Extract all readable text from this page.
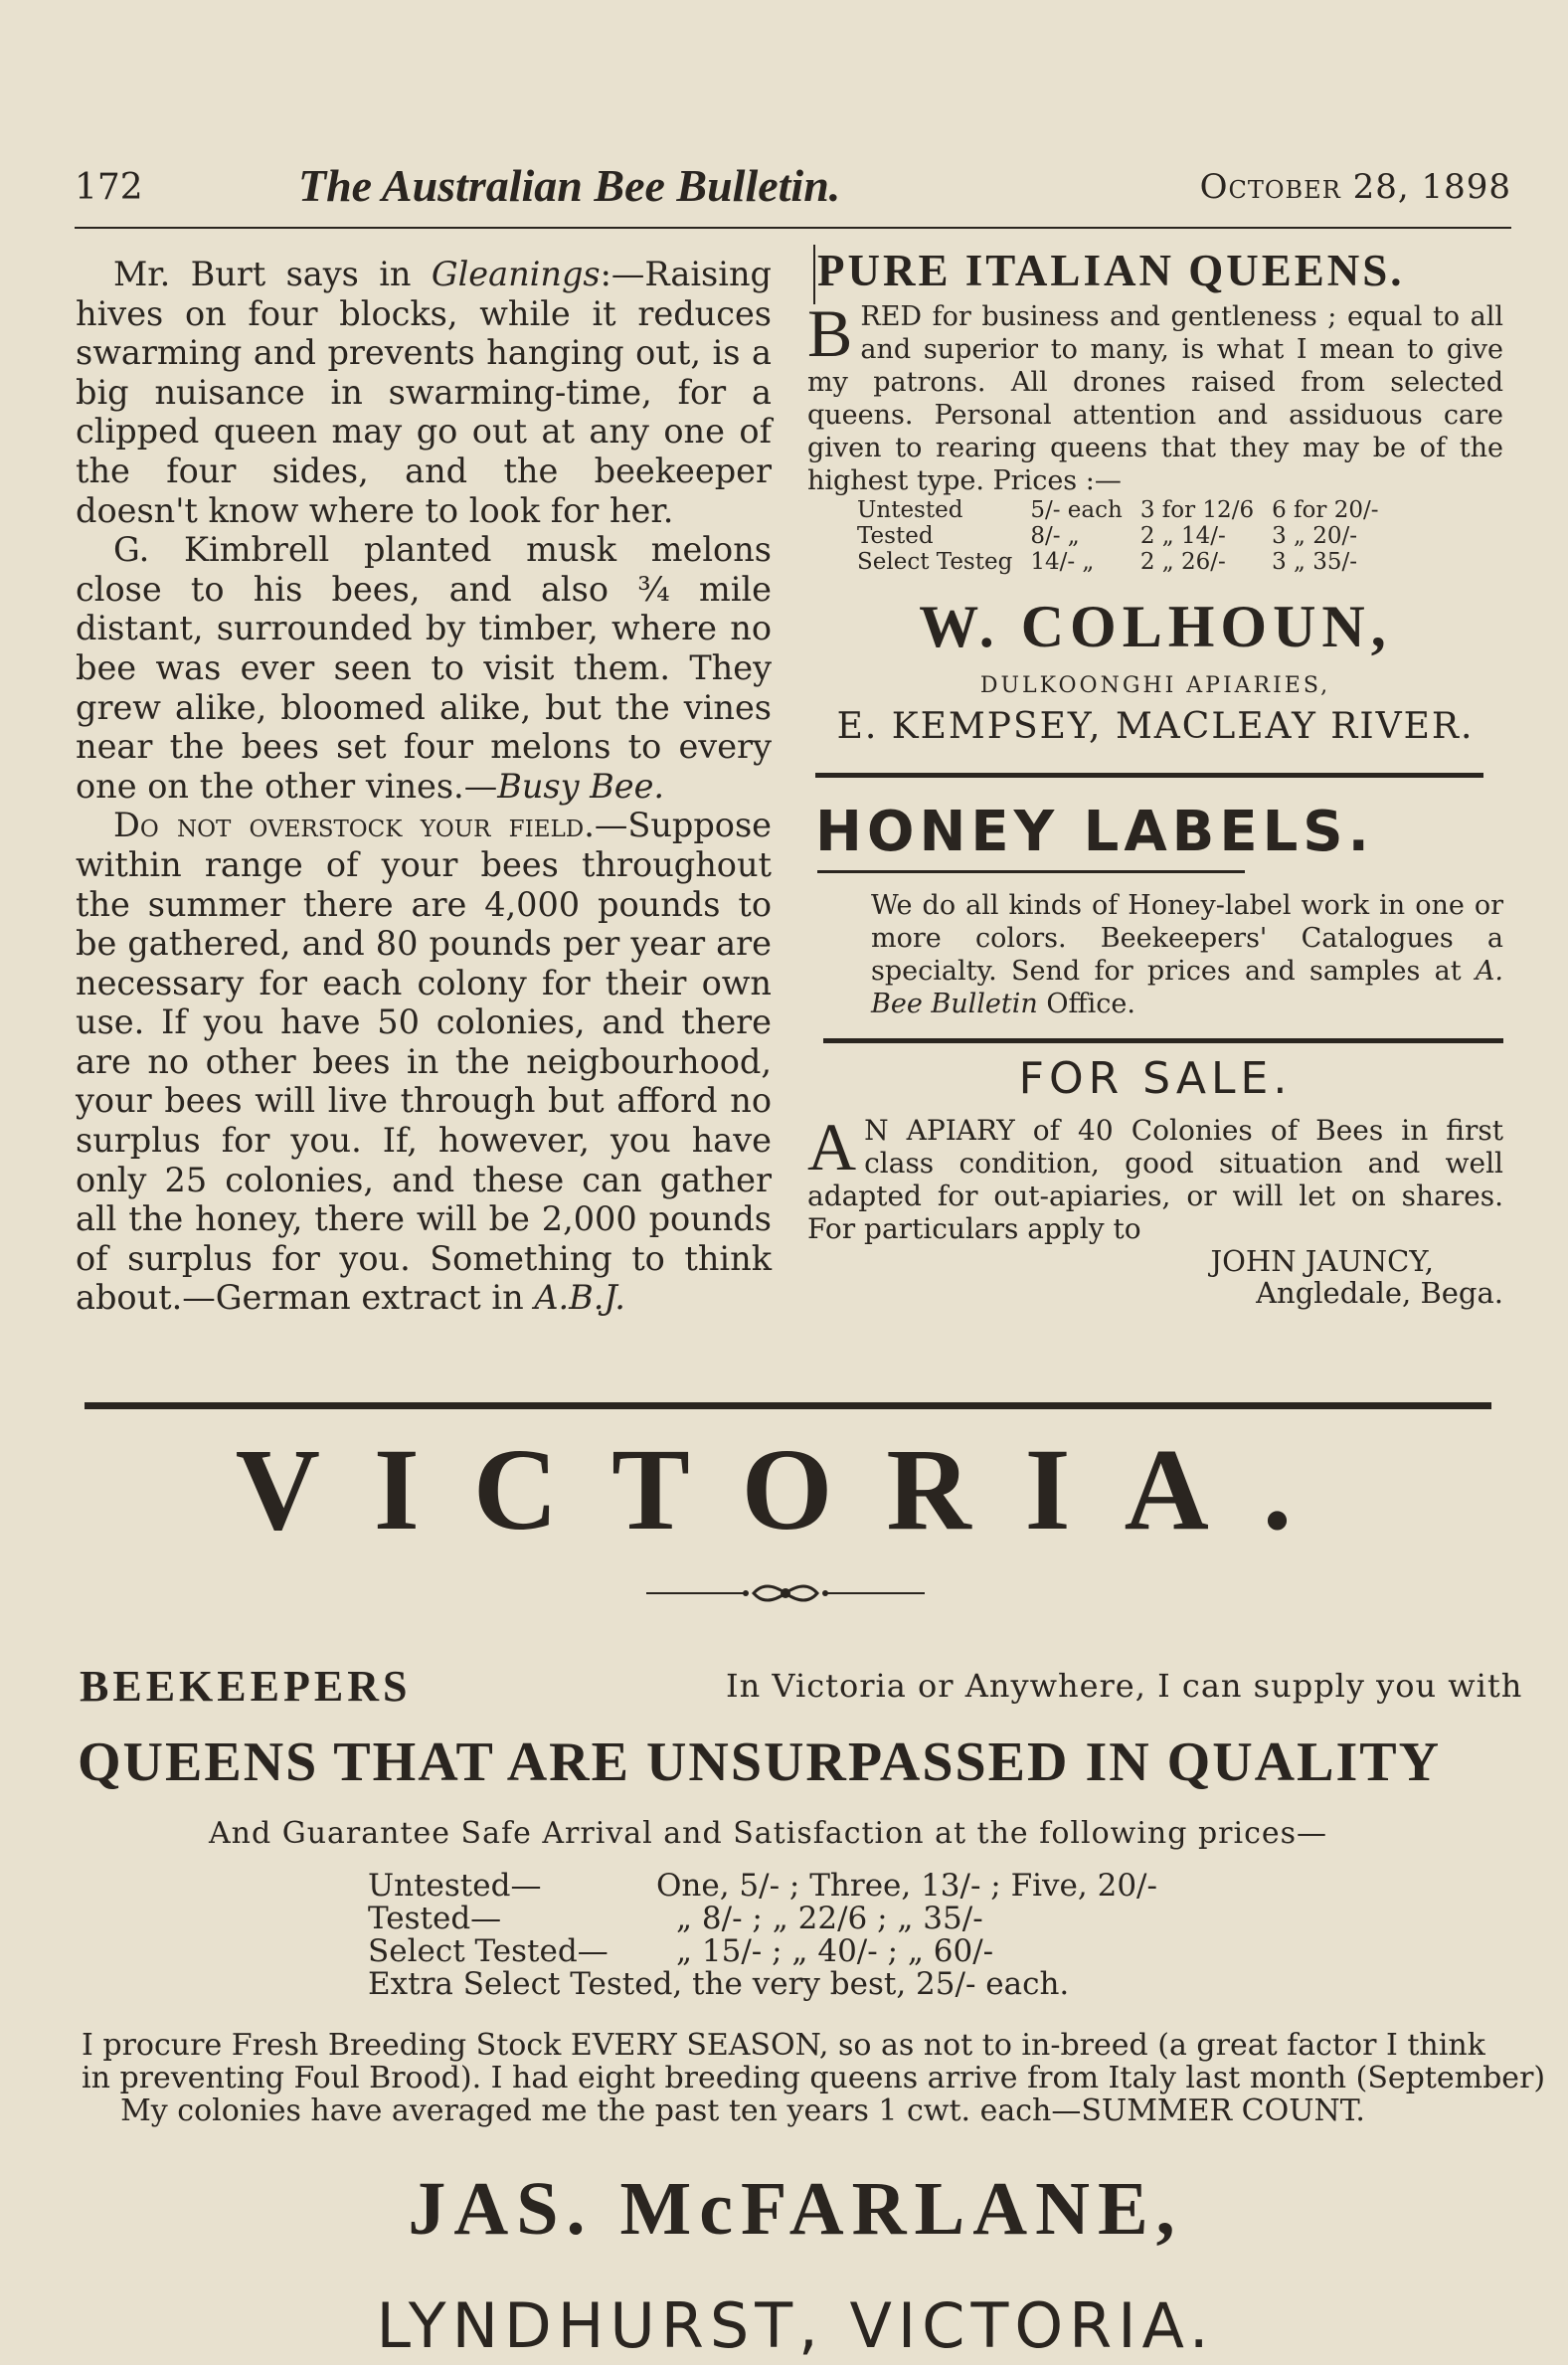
172	The Australian Bee Bulletin.	October 28, 1898

Mr. Burt says in Gleanings:—Raising hives on four blocks, while it reduces swarming and prevents hanging out, is a big nuisance in swarming-time, for a clipped queen may go out at any one of the four sides, and the beekeeper doesn't know where to look for her.

G. Kimbrell planted musk melons close to his bees, and also ¾ mile distant, surrounded by timber, where no bee was ever seen to visit them. They grew alike, bloomed alike, but the vines near the bees set four melons to every one on the other vines.—Busy Bee.

Do not overstock your field.—Suppose within range of your bees throughout the summer there are 4,000 pounds to be gathered, and 80 pounds per year are necessary for each colony for their own use. If you have 50 colonies, and there are no other bees in the neigbourhood, your bees will live through but afford no surplus for you. If, however, you have only 25 colonies, and these can gather all the honey, there will be 2,000 pounds of surplus for you. Something to think about.—German extract in A.B.J.

PURE ITALIAN QUEENS.
B RED for business and gentleness ; equal to all and superior to many, is what I mean to give my patrons. All drones raised from selected queens. Personal attention and assiduous care given to rearing queens that they may be of the highest type. Prices :—
Untested	5/- each	3 for 12/6	6 for 20/-
Tested	8/- „	2 „ 14/-	3 „ 20/-
Select Testeg	14/- „	2 „ 26/-	3 „ 35/-
W. COLHOUN,
DULKOONGHI APIARIES,
E. KEMPSEY, MACLEAY RIVER.
HONEY LABELS.
We do all kinds of Honey-label work in one or more colors. Beekeepers' Catalogues a specialty. Send for prices and samples at A. Bee Bulletin Office.
FOR SALE.
A N APIARY of 40 Colonies of Bees in first class condition, good situation and well adapted for out-apiaries, or will let on shares. For particulars apply to
JOHN JAUNCY,
Angledale, Bega.
VICTORIA.
BEEKEEPERS	In Victoria or Anywhere, I can supply you with
QUEENS THAT ARE UNSURPASSED IN QUALITY
And Guarantee Safe Arrival and Satisfaction at the following prices—
Untested—	One, 5/- ; Three, 13/- ; Five, 20/-
Tested—	„ 8/- ; „ 22/6 ; „ 35/-
Select Tested—	„ 15/- ; „ 40/- ; „ 60/-
Extra Select Tested, the very best, 25/- each.	
I procure Fresh Breeding Stock EVERY SEASON, so as not to in-breed (a great factor I think
in preventing Foul Brood). I had eight breeding queens arrive from Italy last month (September)
My colonies have averaged me the past ten years 1 cwt. each—SUMMER COUNT.
JAS. McFARLANE,
LYNDHURST, VICTORIA.
